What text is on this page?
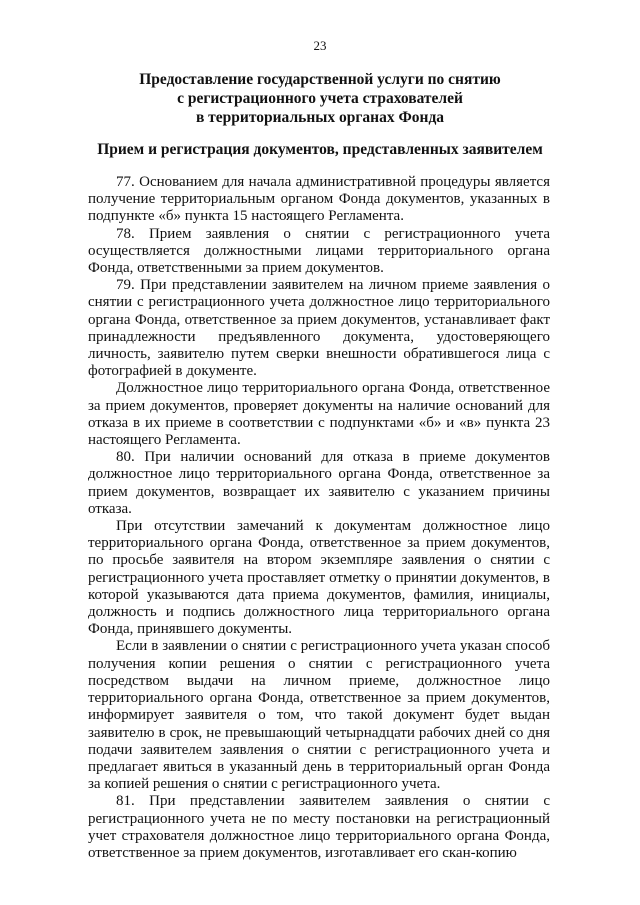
23
Предоставление государственной услуги по снятию
с регистрационного учета страхователей
в территориальных органах Фонда
Прием и регистрация документов, представленных заявителем

77. Основанием для начала административной процедуры является получение территориальным органом Фонда документов, указанных в подпункте «б» пункта 15 настоящего Регламента.

78. Прием заявления о снятии с регистрационного учета осуществляется должностными лицами территориального органа Фонда, ответственными за прием документов.

79. При представлении заявителем на личном приеме заявления о снятии с регистрационного учета должностное лицо территориального органа Фонда, ответственное за прием документов, устанавливает факт принадлежности предъявленного документа, удостоверяющего личность, заявителю путем сверки внешности обратившегося лица с фотографией в документе.

Должностное лицо территориального органа Фонда, ответственное за прием документов, проверяет документы на наличие оснований для отказа в их приеме в соответствии с подпунктами «б» и «в» пункта 23 настоящего Регламента.

80. При наличии оснований для отказа в приеме документов должностное лицо территориального органа Фонда, ответственное за прием документов, возвращает их заявителю с указанием причины отказа.

При отсутствии замечаний к документам должностное лицо территориального органа Фонда, ответственное за прием документов, по просьбе заявителя на втором экземпляре заявления о снятии с регистрационного учета проставляет отметку о принятии документов, в которой указываются дата приема документов, фамилия, инициалы, должность и подпись должностного лица территориального органа Фонда, принявшего документы.

Если в заявлении о снятии с регистрационного учета указан способ получения копии решения о снятии с регистрационного учета посредством выдачи на личном приеме, должностное лицо территориального органа Фонда, ответственное за прием документов, информирует заявителя о том, что такой документ будет выдан заявителю в срок, не превышающий четырнадцати рабочих дней со дня подачи заявителем заявления о снятии с регистрационного учета и предлагает явиться в указанный день в территориальный орган Фонда за копией решения о снятии с регистрационного учета.

81. При представлении заявителем заявления о снятии с регистрационного учета не по месту постановки на регистрационный учет страхователя должностное лицо территориального органа Фонда, ответственное за прием документов, изготавливает его скан-копию
